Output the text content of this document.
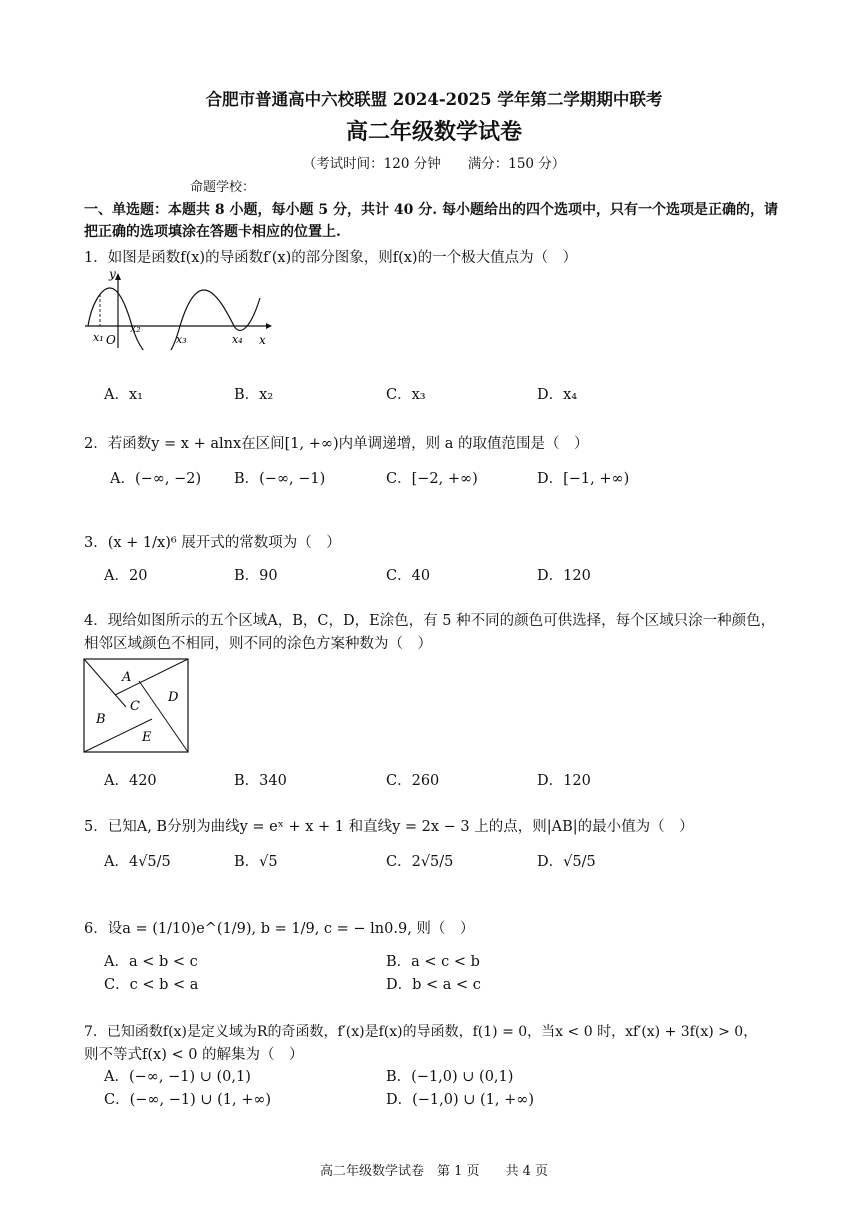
合肥市普通高中六校联盟 2024-2025 学年第二学期期中联考
高二年级数学试卷
（考试时间：120 分钟　　满分：150 分）
命题学校：
一、单选题：本题共 8 小题，每小题 5 分，共计 40 分. 每小题给出的四个选项中，只有一个选项是正确的，请把正确的选项填涂在答题卡相应的位置上.
1．如图是函数f(x)的导函数f′(x)的部分图象，则f(x)的一个极大值点为（　）
y
x
O
x₁
x₂
x₃	x₄
A．x₁	B．x₂	C．x₃	D．x₄
2．若函数y = x + alnx在区间[1, +∞)内单调递增，则 a 的取值范围是（　）
A．(−∞, −2) B．(−∞, −1)	C．[−2, +∞)	D．[−1, +∞)
3．(x + 1/x)⁶ 展开式的常数项为（　）
A．20	B．90	C．40	D．120
4．现给如图所示的五个区域A，B，C，D，E涂色，有 5 种不同的颜色可供选择，每个区域只涂一种颜色，
相邻区域颜色不相同，则不同的涂色方案种数为（　）
A
B
C
D
E
A．420	B．340	C．260	D．120
5．已知A, B分别为曲线y = eˣ + x + 1 和直线y = 2x − 3 上的点，则|AB|的最小值为（　）
A．4√5/5	B．√5	C．2√5/5	D．√5/5
6．设a = (1/10)e^(1/9), b = 1/9, c = − ln0.9, 则（　）
A．a < b < c	B．a < c < b
C．c < b < a	D．b < a < c
7．已知函数f(x)是定义域为R的奇函数，f′(x)是f(x)的导函数，f(1) = 0，当x < 0 时，xf′(x) + 3f(x) > 0，
则不等式f(x) < 0 的解集为（　）
A．(−∞, −1) ∪ (0,1)	B．(−1,0) ∪ (0,1)
C．(−∞, −1) ∪ (1, +∞)	D．(−1,0) ∪ (1, +∞)
高二年级数学试卷　第 1 页　　共 4 页
